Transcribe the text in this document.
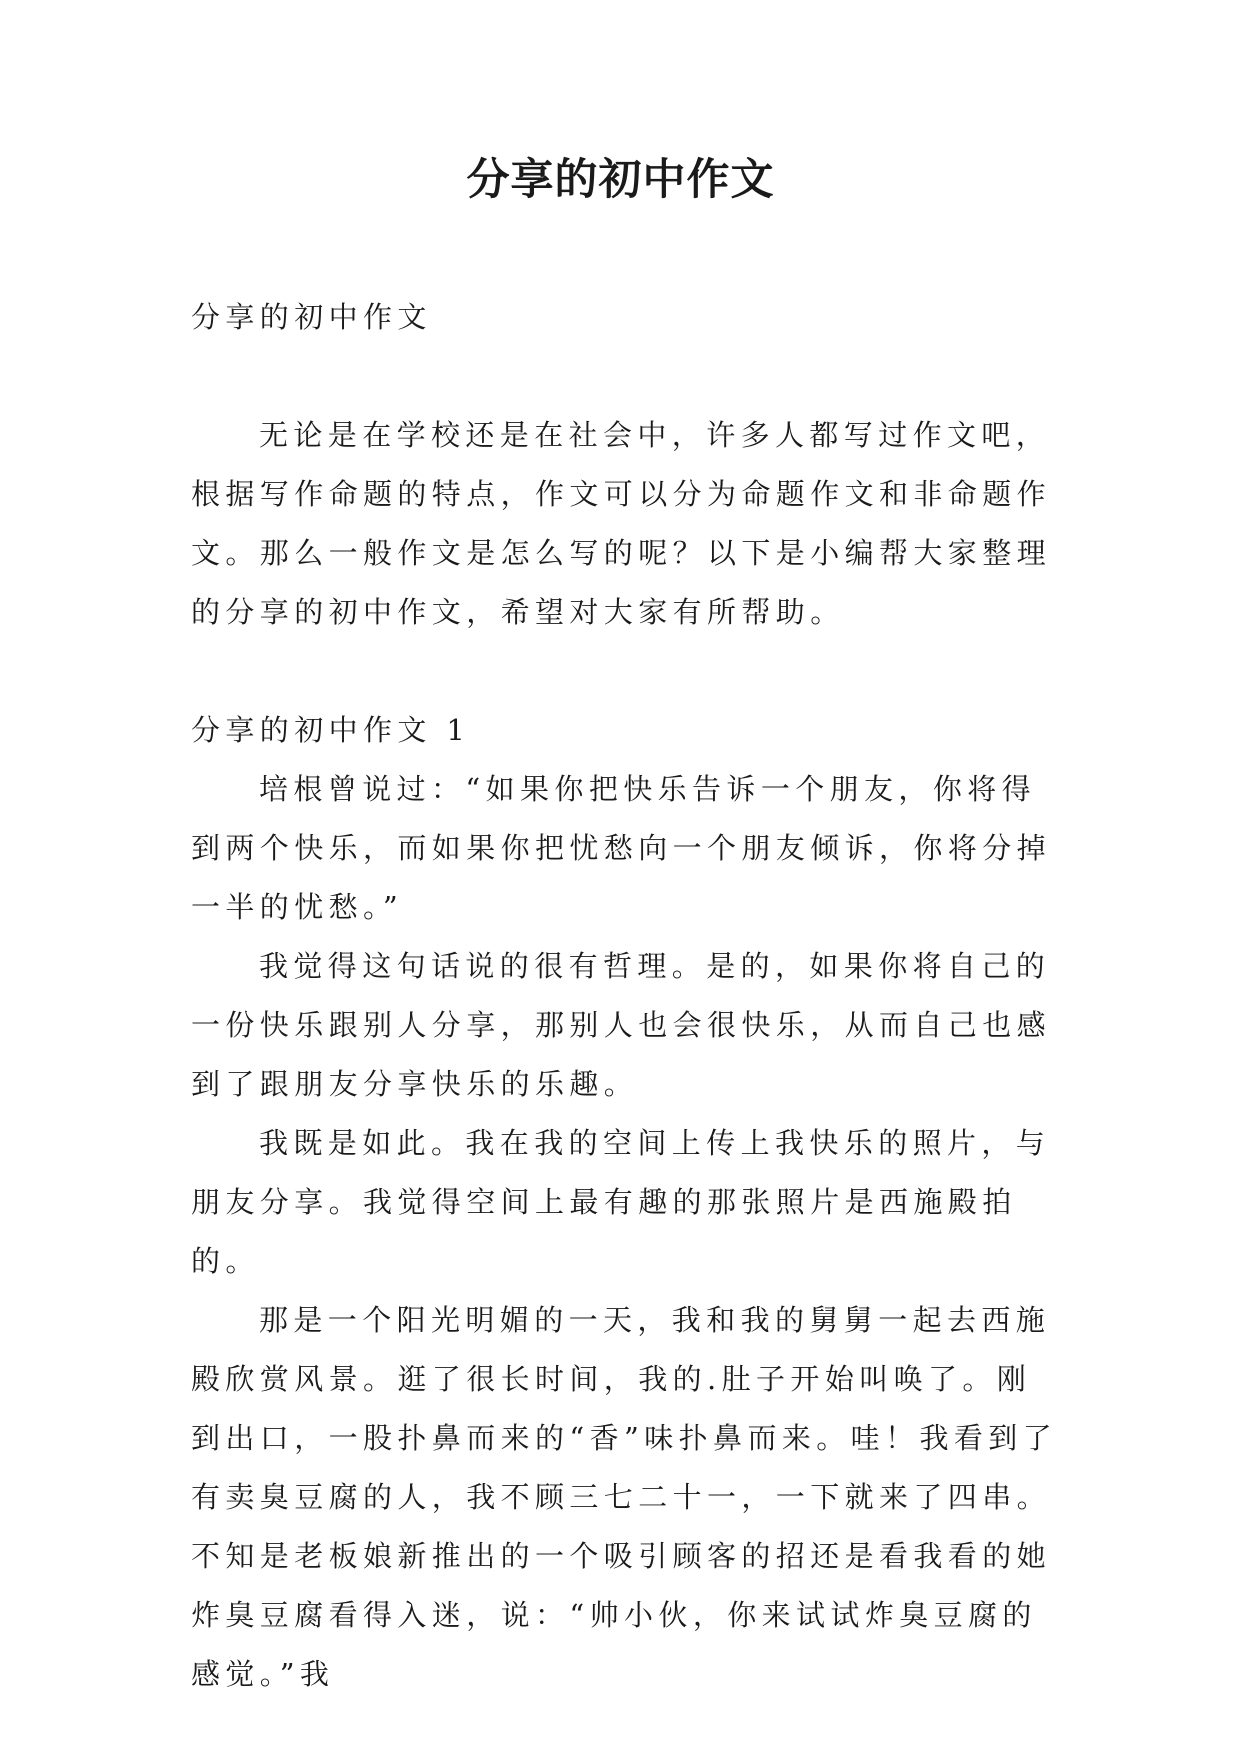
分享的初中作文

分享的初中作文

无论是在学校还是在社会中，许多人都写过作文吧，根据写作命题的特点，作文可以分为命题作文和非命题作文。那么一般作文是怎么写的呢？以下是小编帮大家整理的分享的初中作文，希望对大家有所帮助。

分享的初中作文 1

培根曾说过：“如果你把快乐告诉一个朋友，你将得到两个快乐，而如果你把忧愁向一个朋友倾诉，你将分掉一半的忧愁。”

我觉得这句话说的很有哲理。是的，如果你将自己的一份快乐跟别人分享，那别人也会很快乐，从而自己也感到了跟朋友分享快乐的乐趣。

我既是如此。我在我的空间上传上我快乐的照片，与朋友分享。我觉得空间上最有趣的那张照片是西施殿拍的。

那是一个阳光明媚的一天，我和我的舅舅一起去西施殿欣赏风景。逛了很长时间，我的.肚子开始叫唤了。刚到出口，一股扑鼻而来的“香”味扑鼻而来。哇！我看到了有卖臭豆腐的人，我不顾三七二十一，一下就来了四串。不知是老板娘新推出的一个吸引顾客的招还是看我看的她炸臭豆腐看得入迷，说：“帅小伙，你来试试炸臭豆腐的感觉。”我
